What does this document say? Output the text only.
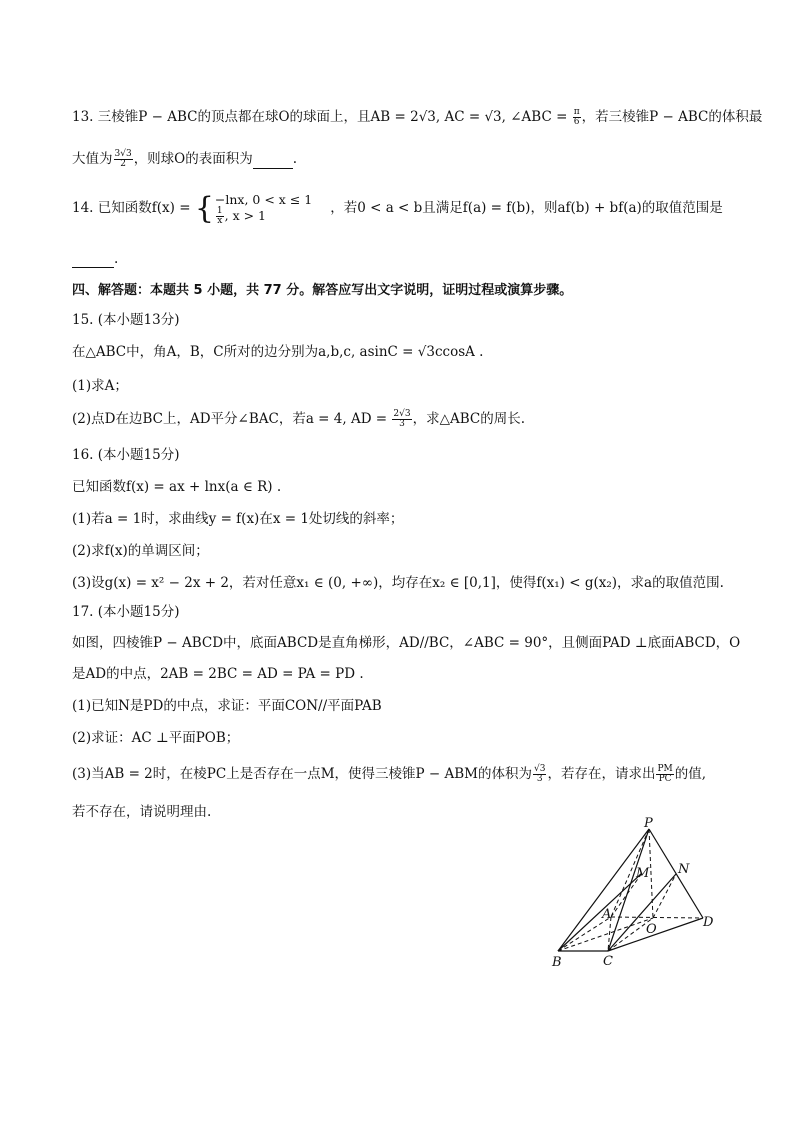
13. 三棱锥P − ABC的顶点都在球O的球面上，且AB = 2√3, AC = √3, ∠ABC = $\frac{\pi}{6}$ ，若三棱锥P − ABC的体积最
大值为 $\frac{3√3}{2}$ ，则球O的表面积为	.
14. 已知函数f(x) = { −lnx, 0 < x ≤ 1
$\frac{1}{x}$ , x > 1	，若0 < a < b且满足f(a) = f(b)，则af(b) + bf(a)的取值范围是
.
四、解答题：本题共 5 小题，共 77 分。解答应写出文字说明，证明过程或演算步骤。
15. (本小题13分)
在△ABC中，角A，B，C所对的边分别为a,b,c, asinC = √3ccosA .
(1)求A；
(2)点D在边BC上，AD平分∠BAC，若a = 4, AD = $\frac{2√3}{3}$ ，求△ABC的周长.
16. (本小题15分)
已知函数f(x) = ax + lnx(a ∈ R) .
(1)若a = 1时，求曲线y = f(x)在x = 1处切线的斜率；
(2)求f(x)的单调区间；
(3)设g(x) = x² − 2x + 2，若对任意x₁ ∈ (0, +∞)，均存在x₂ ∈ [0,1]，使得f(x₁) < g(x₂)，求a的取值范围.
17. (本小题15分)
如图，四棱锥P − ABCD中，底面ABCD是直角梯形，AD//BC，∠ABC = 90°，且侧面PAD ⊥底面ABCD，O
是AD的中点，2AB = 2BC = AD = PA = PD .
(1)已知N是PD的中点，求证：平面CON//平面PAB
(2)求证：AC ⊥平面POB；
(3)当AB = 2时，在棱PC上是否存在一点M，使得三棱锥P − ABM的体积为 $\frac{√3}{3}$ ，若存在，请求出 $\frac{PM}{PC}$ 的值,
若不存在，请说明理由.
P
M N
A
O	D
B	C
